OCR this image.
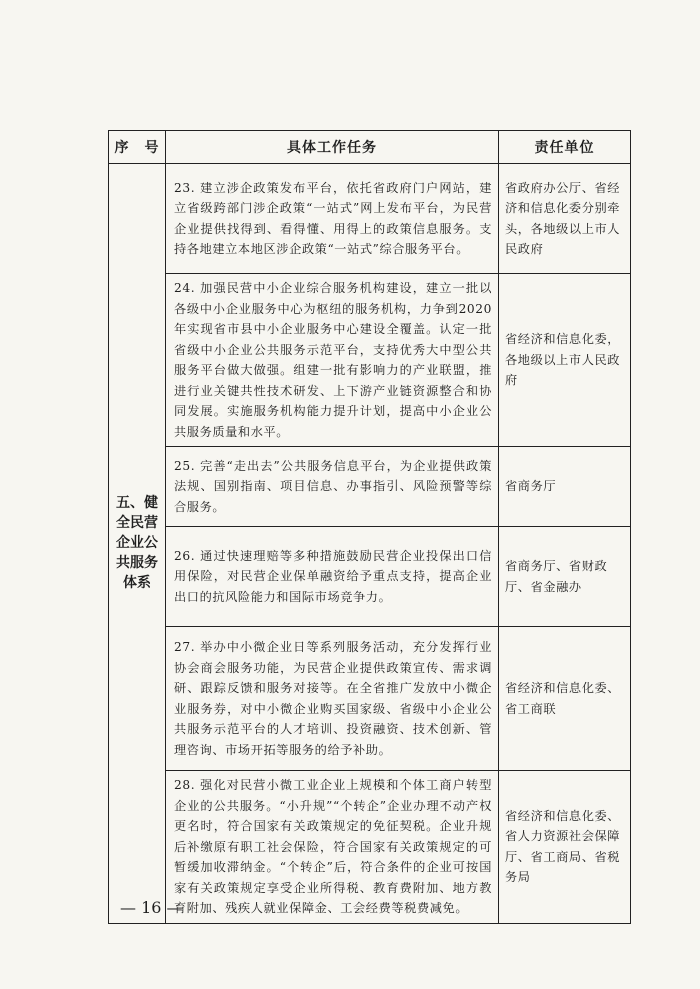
序　号	具体工作任务	责任单位
五、健全民营企业公共服务体系	23. 建立涉企政策发布平台，依托省政府门户网站，建立省级跨部门涉企政策“一站式”网上发布平台，为民营企业提供找得到、看得懂、用得上的政策信息服务。支持各地建立本地区涉企政策“一站式”综合服务平台。	省政府办公厅、省经济和信息化委分别牵头，各地级以上市人民政府
	24. 加强民营中小企业综合服务机构建设，建立一批以各级中小企业服务中心为枢纽的服务机构，力争到2020年实现省市县中小企业服务中心建设全覆盖。认定一批省级中小企业公共服务示范平台，支持优秀大中型公共服务平台做大做强。组建一批有影响力的产业联盟，推进行业关键共性技术研发、上下游产业链资源整合和协同发展。实施服务机构能力提升计划，提高中小企业公共服务质量和水平。	省经济和信息化委，各地级以上市人民政府
	25. 完善“走出去”公共服务信息平台，为企业提供政策法规、国别指南、项目信息、办事指引、风险预警等综合服务。	省商务厅
	26. 通过快速理赔等多种措施鼓励民营企业投保出口信用保险，对民营企业保单融资给予重点支持，提高企业出口的抗风险能力和国际市场竞争力。	省商务厅、省财政厅、省金融办
	27. 举办中小微企业日等系列服务活动，充分发挥行业协会商会服务功能，为民营企业提供政策宣传、需求调研、跟踪反馈和服务对接等。在全省推广发放中小微企业服务券，对中小微企业购买国家级、省级中小企业公共服务示范平台的人才培训、投资融资、技术创新、管理咨询、市场开拓等服务的给予补助。	省经济和信息化委、省工商联
	28. 强化对民营小微工业企业上规模和个体工商户转型企业的公共服务。“小升规”“个转企”企业办理不动产权更名时，符合国家有关政策规定的免征契税。企业升规后补缴原有职工社会保险，符合国家有关政策规定的可暂缓加收滞纳金。“个转企”后，符合条件的企业可按国家有关政策规定享受企业所得税、教育费附加、地方教育附加、残疾人就业保障金、工会经费等税费减免。	省经济和信息化委、省人力资源社会保障厅、省工商局、省税务局
— 16 —
